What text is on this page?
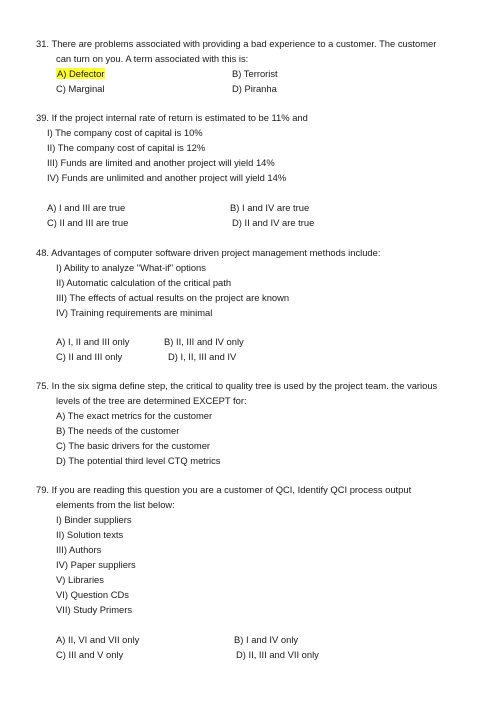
31. There are problems associated with providing a bad experience to a customer. The customer
can turn on you. A term associated with this is:
A) Defector	B) Terrorist
C) Marginal	D) Piranha
39. If the project internal rate of return is estimated to be 11% and
I) The company cost of capital is 10%
II) The company cost of capital is 12%
III) Funds are limited and another project will yield 14%
IV) Funds are unlimited and another project will yield 14%
A) I and III are true	B) I and IV are true
C) II and III are true	D) II and IV are true
48. Advantages of computer software driven project management methods include:
I) Ability to analyze "What-if" options
II) Automatic calculation of the critical path
III) The effects of actual results on the project are known
IV) Training requirements are minimal
A) I, II and III only	B) II, III and IV only
C) II and III only	D) I, II, III and IV
75. In the six sigma define step, the critical to quality tree is used by the project team. the various
levels of the tree are determined EXCEPT for:
A) The exact metrics for the customer
B) The needs of the customer
C) The basic drivers for the customer
D) The potential third level CTQ metrics
79. If you are reading this question you are a customer of QCI, Identify QCI process output
elements from the list below:
I) Binder suppliers
II) Solution texts
III) Authors
IV) Paper suppliers
V) Libraries
VI) Question CDs
VII) Study Primers
A) II, VI and VII only	B) I and IV only
C) III and V only	D) II, III and VII only
